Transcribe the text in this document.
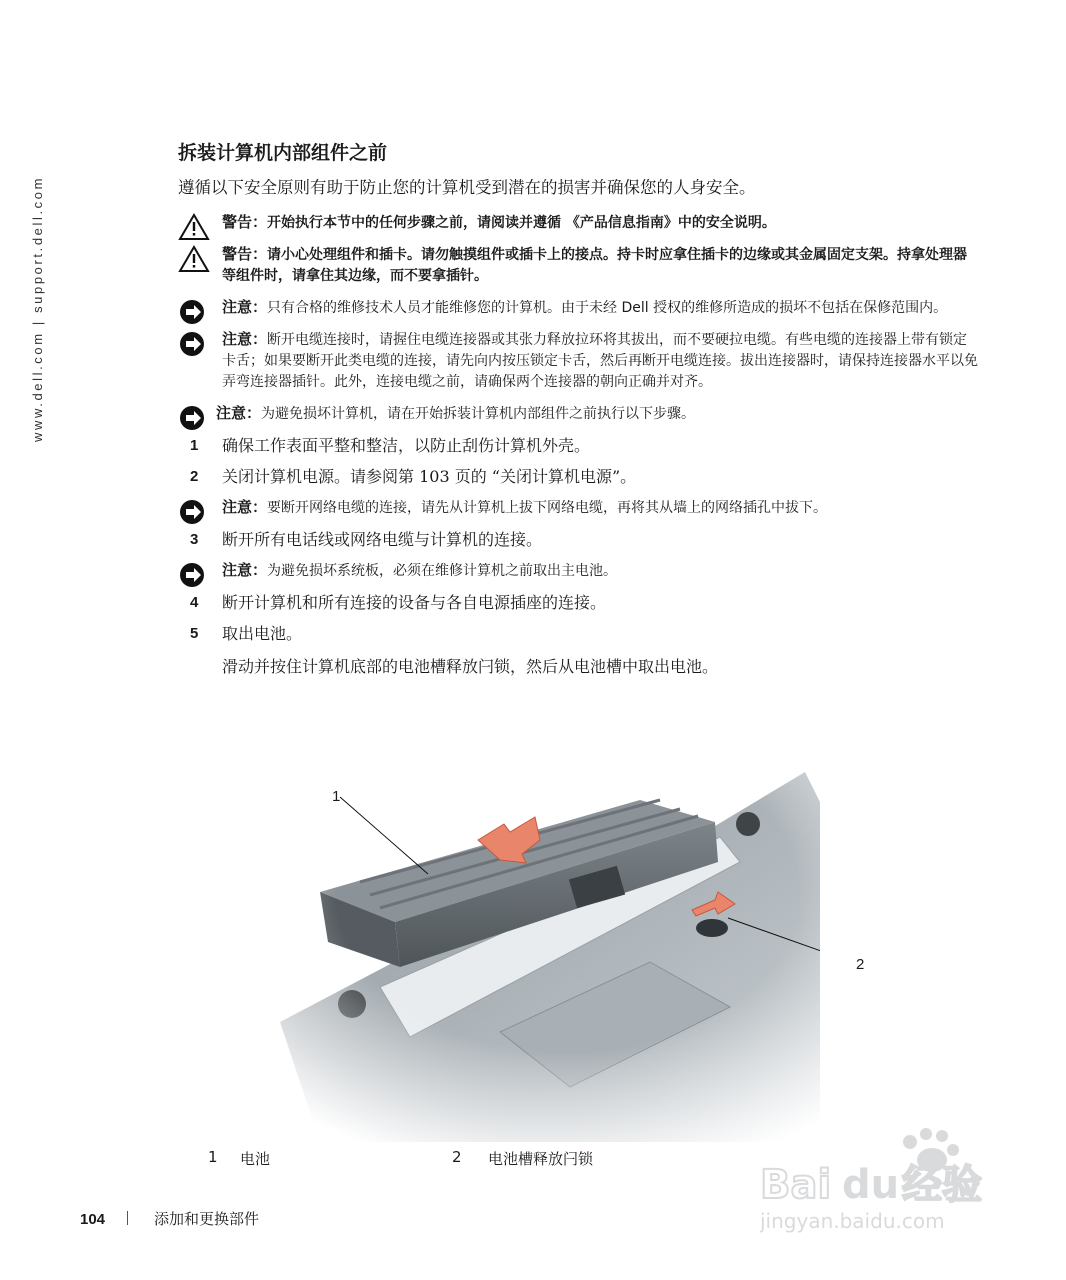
www.dell.com | support.dell.com
拆装计算机内部组件之前

遵循以下安全原则有助于防止您的计算机受到潜在的损害并确保您的人身安全。

警告：开始执行本节中的任何步骤之前，请阅读并遵循 《产品信息指南》中的安全说明。
警告：请小心处理组件和插卡。请勿触摸组件或插卡上的接点。持卡时应拿住插卡的边缘或其金属固定支架。持拿处理器等组件时，请拿住其边缘，而不要拿插针。
注意：只有合格的维修技术人员才能维修您的计算机。由于未经 Dell 授权的维修所造成的损坏不包括在保修范围内。
注意：断开电缆连接时，请握住电缆连接器或其张力释放拉环将其拔出，而不要硬拉电缆。有些电缆的连接器上带有锁定卡舌；如果要断开此类电缆的连接，请先向内按压锁定卡舌，然后再断开电缆连接。拔出连接器时，请保持连接器水平以免弄弯连接器插针。此外，连接电缆之前，请确保两个连接器的朝向正确并对齐。
注意：为避免损坏计算机，请在开始拆装计算机内部组件之前执行以下步骤。
1 确保工作表面平整和整洁，以防止刮伤计算机外壳。
2 关闭计算机电源。请参阅第 103 页的 “关闭计算机电源”。
注意：要断开网络电缆的连接，请先从计算机上拔下网络电缆，再将其从墙上的网络插孔中拔下。
3 断开所有电话线或网络电缆与计算机的连接。
注意：为避免损坏系统板，必须在维修计算机之前取出主电池。
4 断开计算机和所有连接的设备与各自电源插座的连接。
5 取出电池。

滑动并按住计算机底部的电池槽释放闩锁，然后从电池槽中取出电池。

1
2
1 电池	2 电池槽释放闩锁
104	添加和更换部件
Bai du 经验
jingyan.baidu.com
